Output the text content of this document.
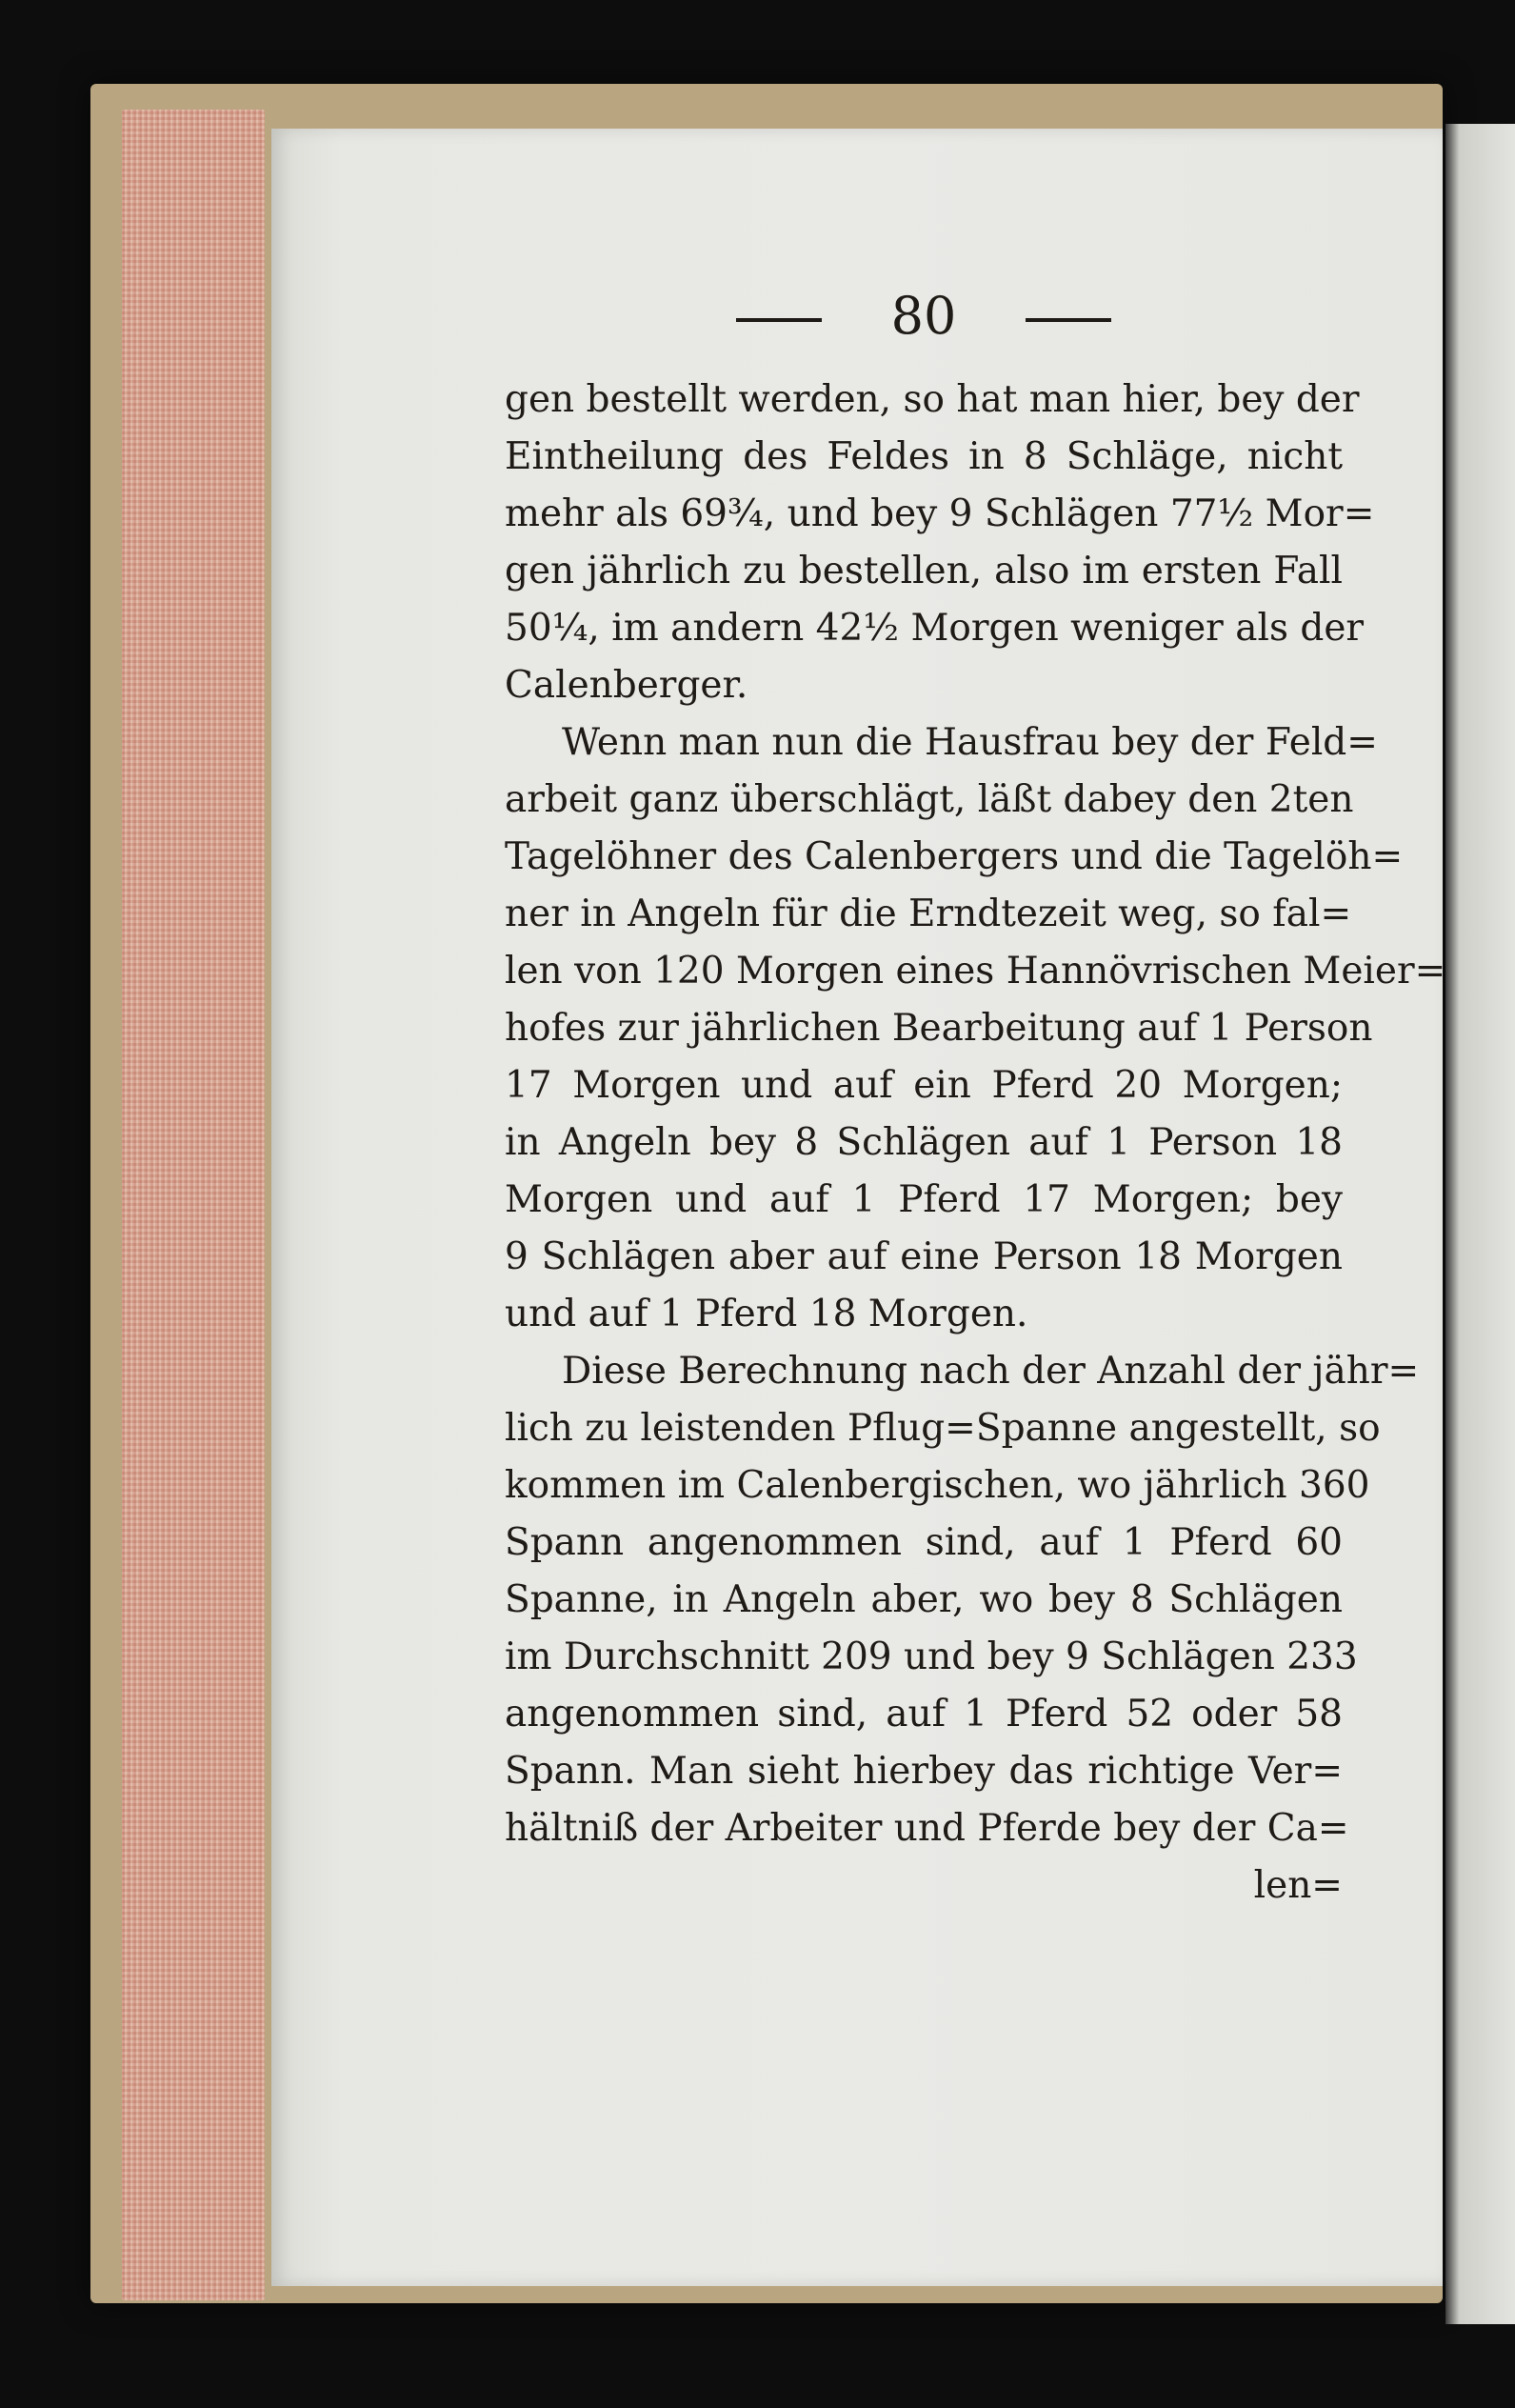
80
gen bestellt werden, so hat man hier, bey der
Eintheilung des Feldes in 8 Schläge, nicht
mehr als 69¾, und bey 9 Schlägen 77½ Mor=
gen jährlich zu bestellen, also im ersten Fall
50¼, im andern 42½ Morgen weniger als der
Calenberger.
Wenn man nun die Hausfrau bey der Feld=
arbeit ganz überschlägt, läßt dabey den 2ten
Tagelöhner des Calenbergers und die Tagelöh=
ner in Angeln für die Erndtezeit weg, so fal=
len von 120 Morgen eines Hannövrischen Meier=
hofes zur jährlichen Bearbeitung auf 1 Person
17 Morgen und auf ein Pferd 20 Morgen;
in Angeln bey 8 Schlägen auf 1 Person 18
Morgen und auf 1 Pferd 17 Morgen; bey
9 Schlägen aber auf eine Person 18 Morgen
und auf 1 Pferd 18 Morgen.
Diese Berechnung nach der Anzahl der jähr=
lich zu leistenden Pflug=Spanne angestellt, so
kommen im Calenbergischen, wo jährlich 360
Spann angenommen sind, auf 1 Pferd 60
Spanne, in Angeln aber, wo bey 8 Schlägen
im Durchschnitt 209 und bey 9 Schlägen 233
angenommen sind, auf 1 Pferd 52 oder 58
Spann. Man sieht hierbey das richtige Ver=
hältniß der Arbeiter und Pferde bey der Ca=
len=
